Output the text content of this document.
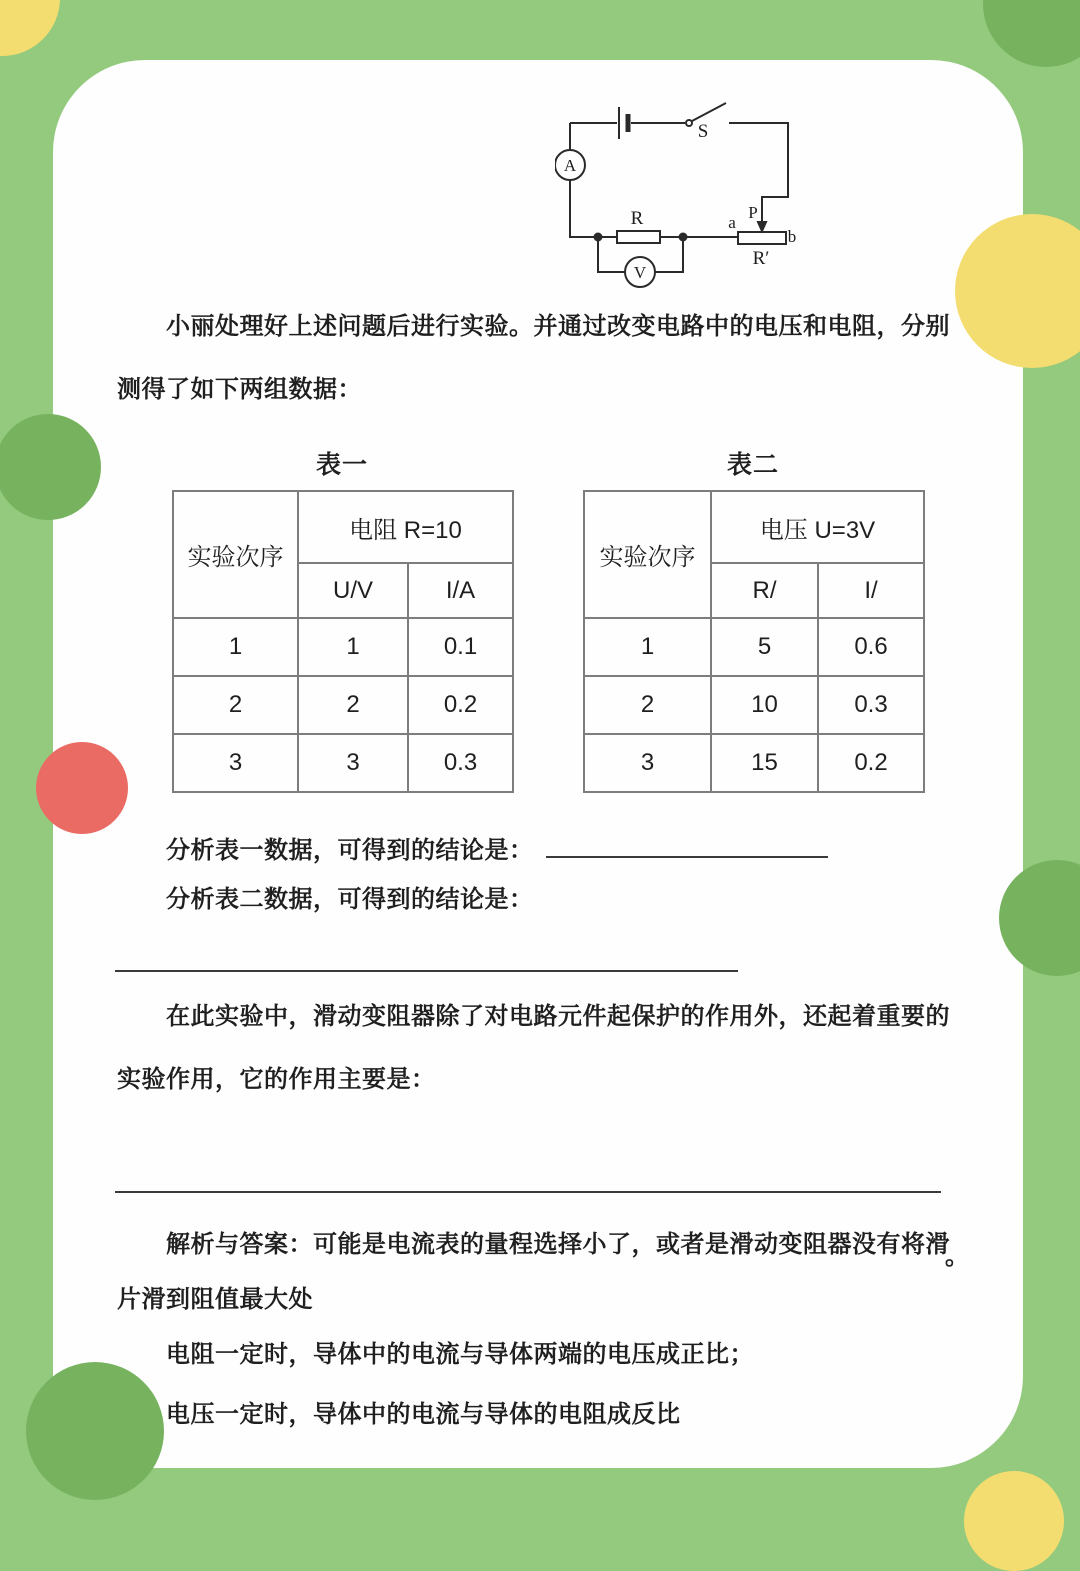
A
V
S
R	P
a
b
R′
小丽处理好上述问题后进行实验。并通过改变电路中的电压和电阻，分别
测得了如下两组数据：
表一
实验次序	电阻 R=10	
	U/V	I/A
1	1	0.1
2	2	0.2
3	3	0.3
表二
实验次序	电压 U=3V	
	R/	I/
1	5	0.6
2	10	0.3
3	15	0.2
分析表一数据，可得到的结论是：
分析表二数据，可得到的结论是：
在此实验中，滑动变阻器除了对电路元件起保护的作用外，还起着重要的
实验作用，它的作用主要是：
。
解析与答案：可能是电流表的量程选择小了，或者是滑动变阻器没有将滑
片滑到阻值最大处
电阻一定时，导体中的电流与导体两端的电压成正比；
电压一定时，导体中的电流与导体的电阻成反比
